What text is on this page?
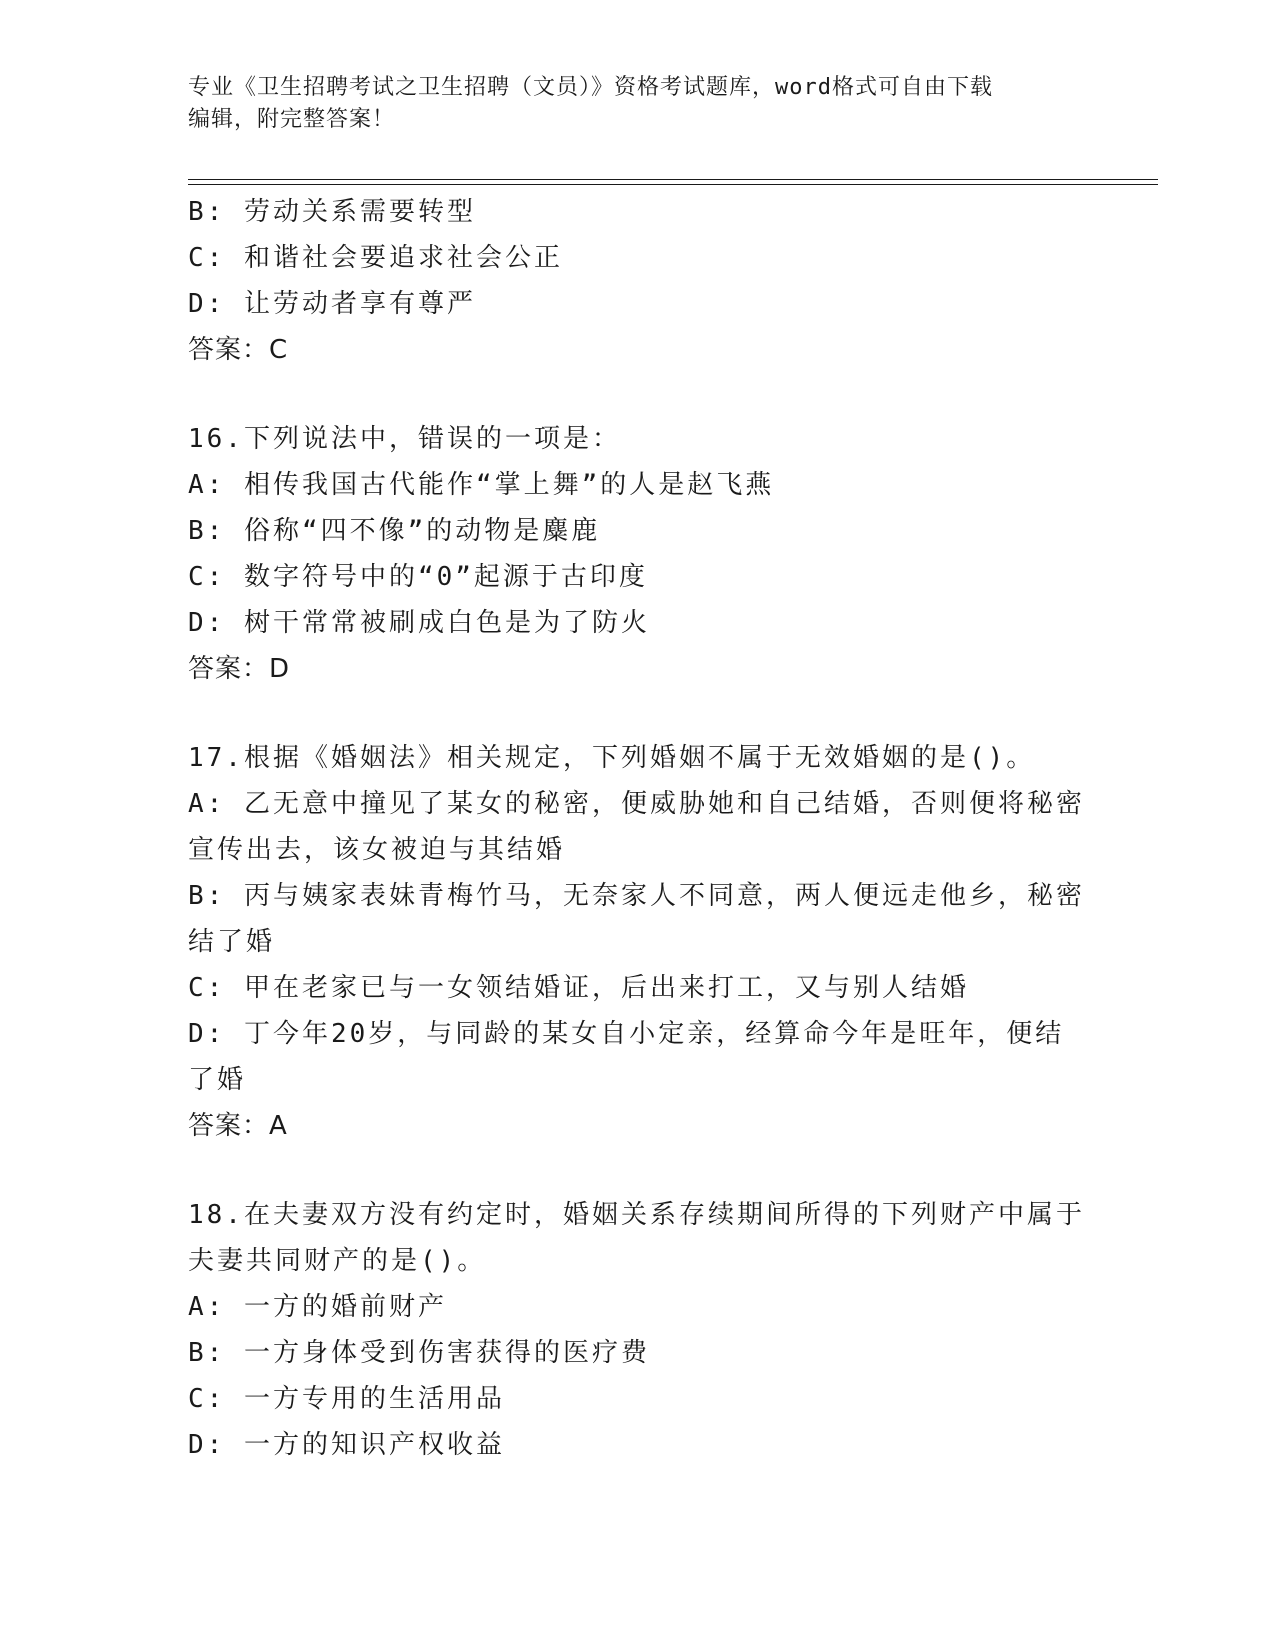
专业《卫生招聘考试之卫生招聘（文员）》资格考试题库，word格式可自由下载
编辑，附完整答案！
B: 劳动关系需要转型
C: 和谐社会要追求社会公正
D: 让劳动者享有尊严
答案：C
16.下列说法中，错误的一项是：
A: 相传我国古代能作“掌上舞”的人是赵飞燕
B: 俗称“四不像”的动物是麋鹿
C: 数字符号中的“0”起源于古印度
D: 树干常常被刷成白色是为了防火
答案：D
17.根据《婚姻法》相关规定，下列婚姻不属于无效婚姻的是()。
A: 乙无意中撞见了某女的秘密，便威胁她和自己结婚，否则便将秘密
宣传出去，该女被迫与其结婚
B: 丙与姨家表妹青梅竹马，无奈家人不同意，两人便远走他乡，秘密
结了婚
C: 甲在老家已与一女领结婚证，后出来打工，又与别人结婚
D: 丁今年20岁，与同龄的某女自小定亲，经算命今年是旺年，便结
了婚
答案：A
18.在夫妻双方没有约定时，婚姻关系存续期间所得的下列财产中属于
夫妻共同财产的是()。
A: 一方的婚前财产
B: 一方身体受到伤害获得的医疗费
C: 一方专用的生活用品
D: 一方的知识产权收益
